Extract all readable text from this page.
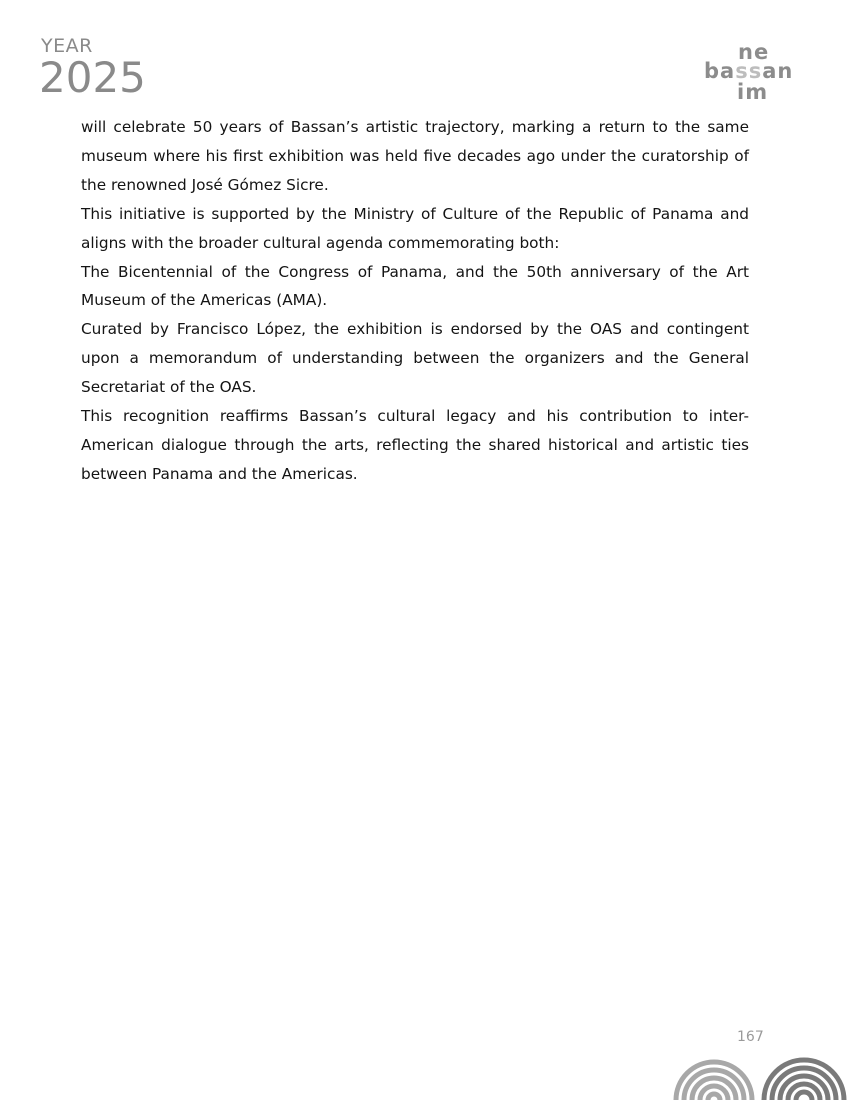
YEAR

2025

ne
bassan
im

will celebrate 50 years of Bassan’s artistic trajectory, marking a return to the same museum where his first exhibition was held five decades ago under the curatorship of the renowned José Gómez Sicre.

This initiative is supported by the Ministry of Culture of the Republic of Panama and aligns with the broader cultural agenda commemorating both:

The Bicentennial of the Congress of Panama, and the 50th anniversary of the Art Museum of the Americas (AMA).

Curated by Francisco López, the exhibition is endorsed by the OAS and contingent upon a memorandum of understanding between the organizers and the General Secretariat of the OAS.

This recognition reaffirms Bassan’s cultural legacy and his contribution to inter-American dialogue through the arts, reflecting the shared historical and artistic ties between Panama and the Americas.

167
